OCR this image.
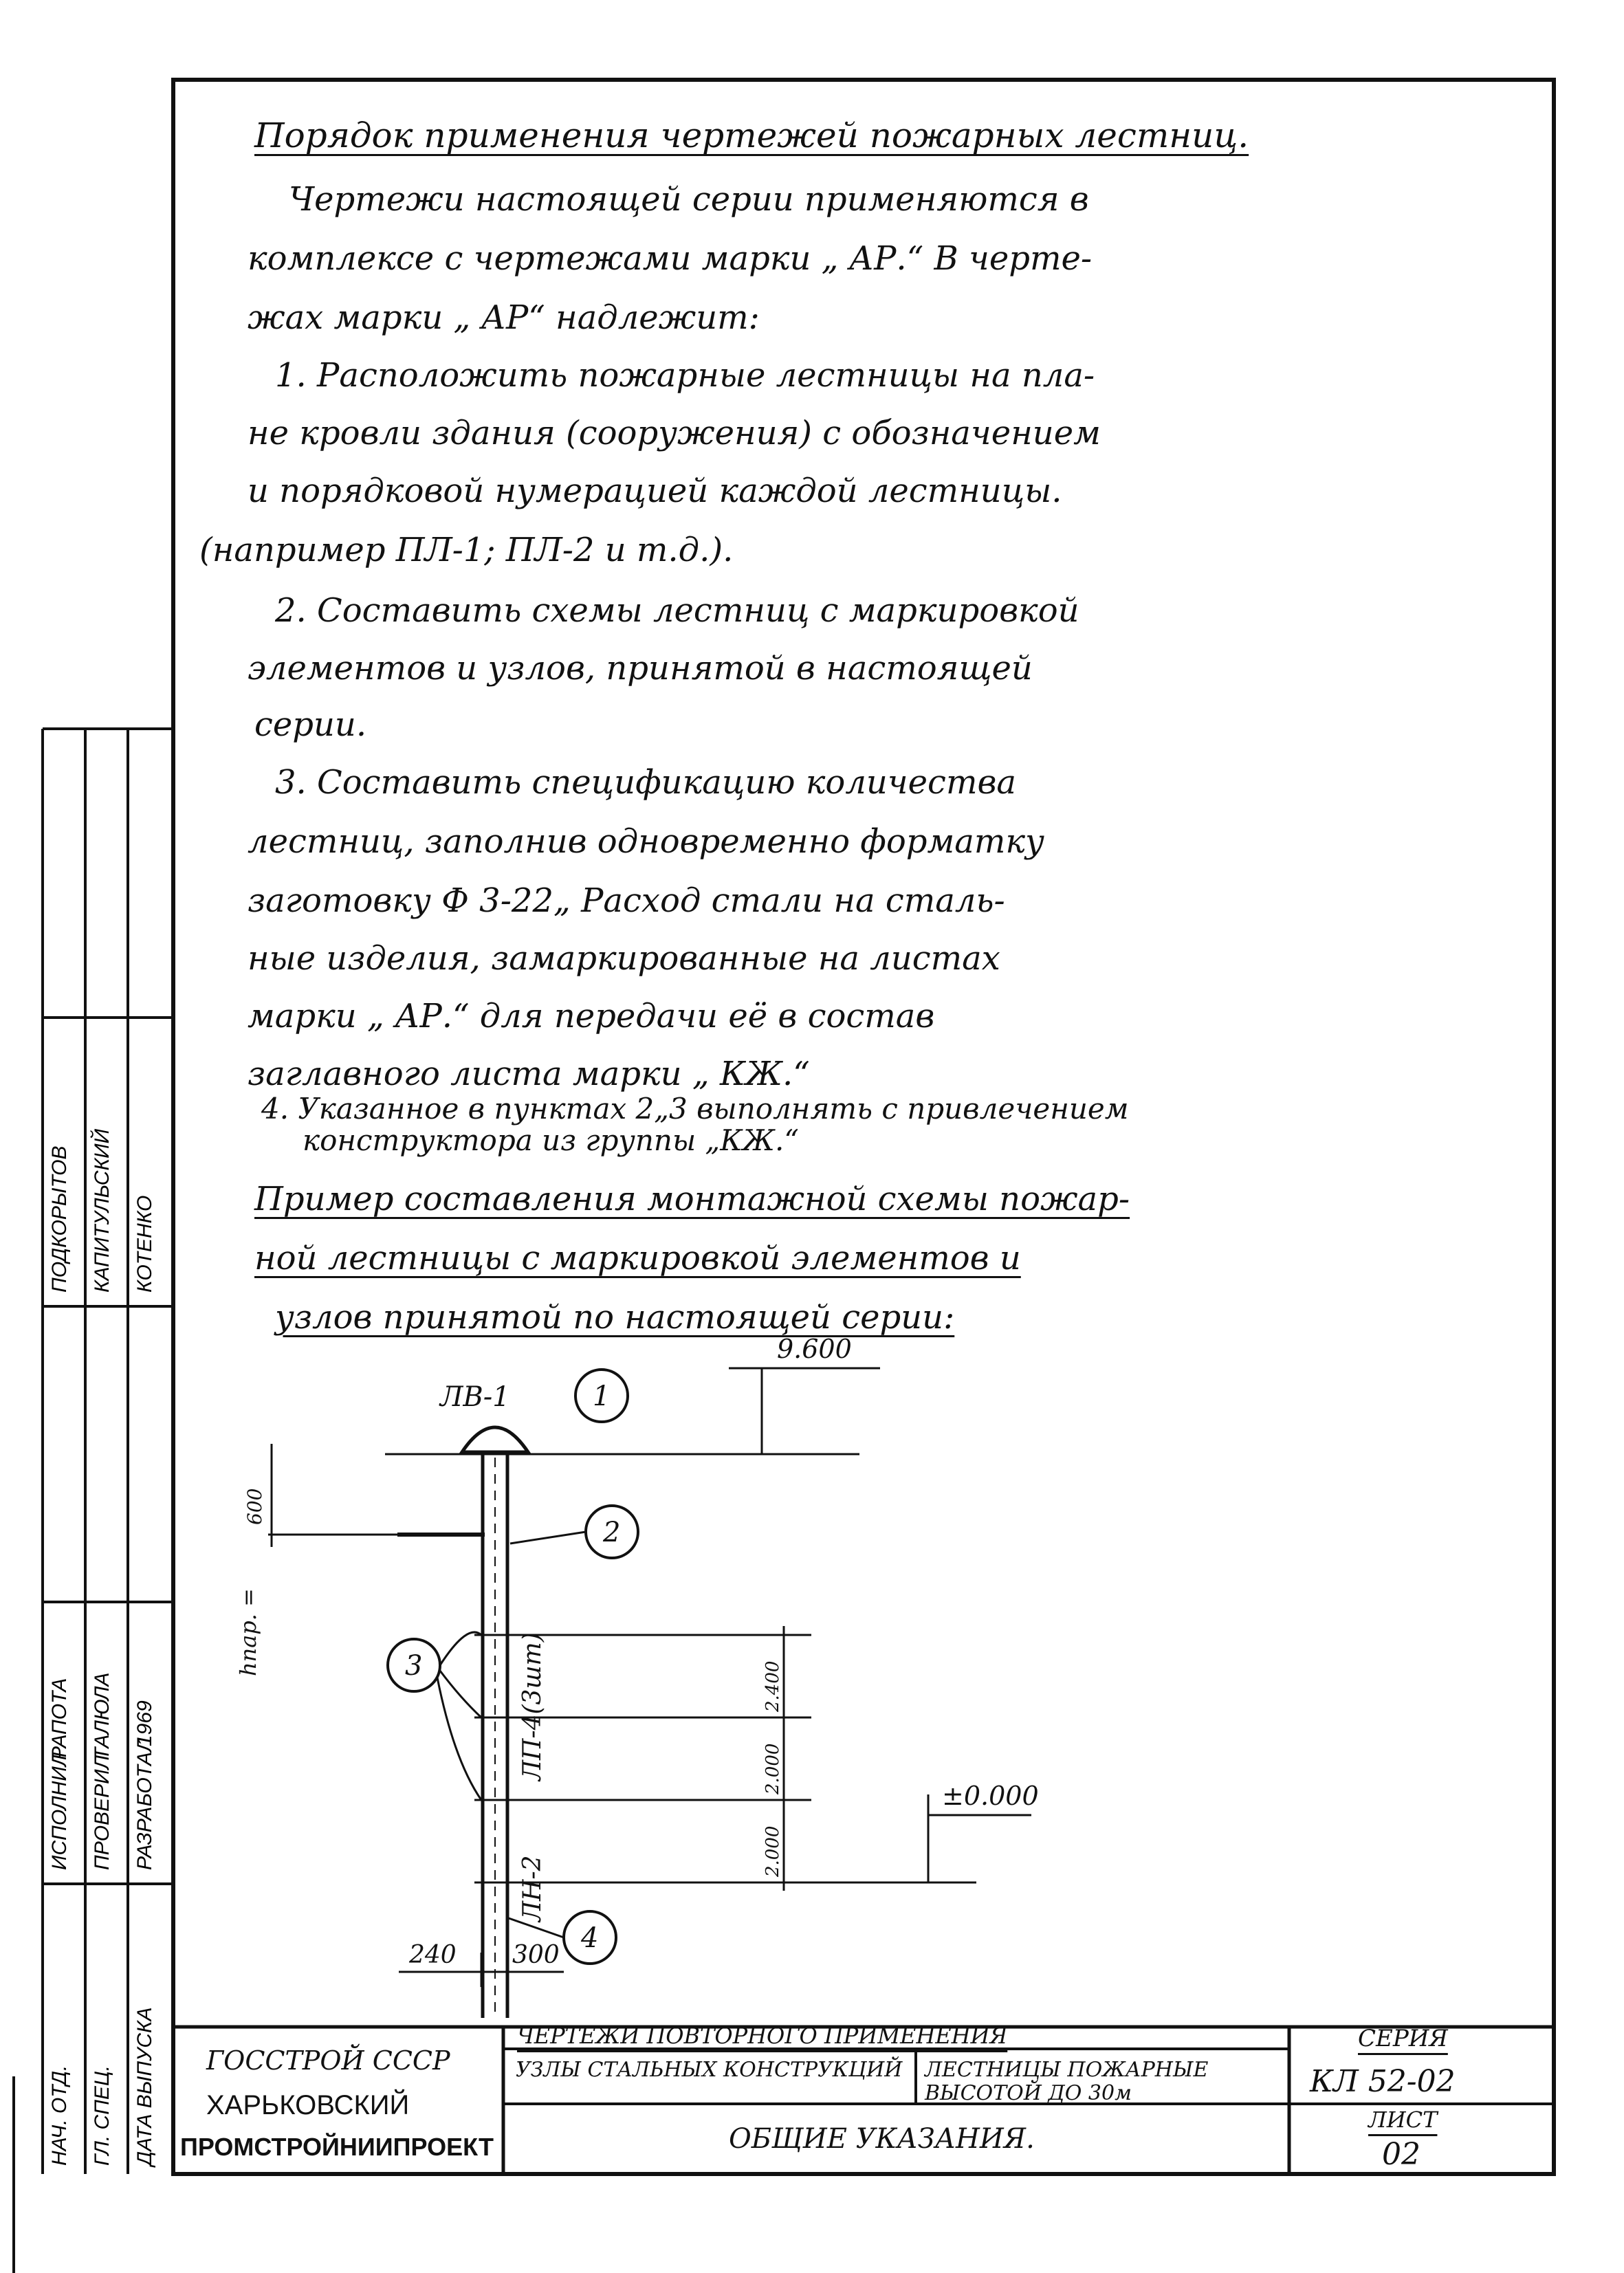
Порядок применения чертежей пожарных лестниц.
Чертежи настоящей серии применяются в
комплексе с чертежами марки „ АР.“ В черте-
жах марки „ АР“ надлежит:
1. Расположить пожарные лестницы на пла-
не кровли здания (сооружения) с обозначением
и порядковой нумерацией каждой лестницы.
(например ПЛ-1; ПЛ-2 и т.д.).
2. Составить схемы лестниц с маркировкой
элементов и узлов, принятой в настоящей
серии.
3. Составить спецификацию количества
лестниц, заполнив одновременно форматку
заготовку Ф 3-22„ Расход стали на сталь-
ные изделия, замаркированные на листах
марки „ АР.“ для передачи её в состав
заглавного листа марки „ КЖ.“
4. Указанное в пунктах 2„3 выполнять с привлечением
конструктора из группы „КЖ.“
Пример составления монтажной схемы пожар-
ной лестницы с маркировкой элементов и
узлов принятой по настоящей серии:
9.600
±0.000
ЛВ-1
ЛП-4(3шт)
ЛН-2
hпар. =
600
2.400
2.000
2.000
240 300
1
2
3
4
НАЧ. ОТД. ГЛ. СПЕЦ. ДАТА ВЫПУСКА
ИСПОЛНИЛ ПРОВЕРИЛ РАЗРАБОТАЛ
РАПОТА ТАЛЮЛА 1969
ПОДКОРЫТОВ КАПИТУЛЬСКИЙ КОТЕНКО
ГОССТРОЙ СССР
ХАРЬКОВСКИЙ
ПРОМСТРОЙНИИПРОЕКТ
ЧЕРТЕЖИ ПОВТОРНОГО ПРИМЕНЕНИЯ
УЗЛЫ СТАЛЬНЫХ КОНСТРУКЦИЙ ЛЕСТНИЦЫ ПОЖАРНЫЕ ВЫСОТОЙ ДО 30м
ОБЩИЕ УКАЗАНИЯ.
СЕРИЯ
КЛ 52-02
ЛИСТ
02
